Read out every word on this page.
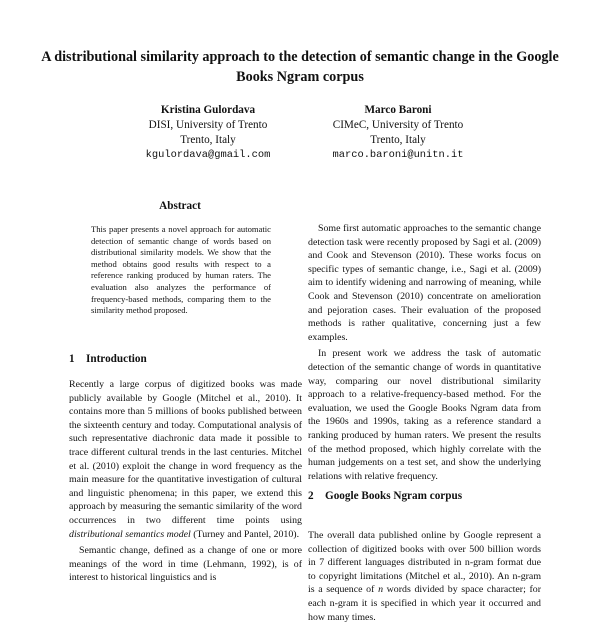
A distributional similarity approach to the detection of semantic change in the Google Books Ngram corpus
Kristina Gulordava
DISI, University of Trento
Trento, Italy
kgulordava@gmail.com
Marco Baroni
CIMeC, University of Trento
Trento, Italy
marco.baroni@unitn.it
Abstract
This paper presents a novel approach for automatic detection of semantic change of words based on distributional similarity models. We show that the method obtains good results with respect to a reference ranking produced by human raters. The evaluation also analyzes the performance of frequency-based methods, comparing them to the similarity method proposed.
1 Introduction

Recently a large corpus of digitized books was made publicly available by Google (Mitchel et al., 2010). It contains more than 5 millions of books published between the sixteenth century and today. Computational analysis of such representative diachronic data made it possible to trace different cultural trends in the last centuries. Mitchel et al. (2010) exploit the change in word frequency as the main measure for the quantitative investigation of cultural and linguistic phenomena; in this paper, we extend this approach by measuring the semantic similarity of the word occurrences in two different time points using distributional semantics model (Turney and Pantel, 2010).

Semantic change, defined as a change of one or more meanings of the word in time (Lehmann, 1992), is of interest to historical linguistics and is

Some first automatic approaches to the semantic change detection task were recently proposed by Sagi et al. (2009) and Cook and Stevenson (2010). These works focus on specific types of semantic change, i.e., Sagi et al. (2009) aim to identify widening and narrowing of meaning, while Cook and Stevenson (2010) concentrate on amelioration and pejoration cases. Their evaluation of the proposed methods is rather qualitative, concerning just a few examples.

In present work we address the task of automatic detection of the semantic change of words in quantitative way, comparing our novel distributional similarity approach to a relative-frequency-based method. For the evaluation, we used the Google Books Ngram data from the 1960s and 1990s, taking as a reference standard a ranking produced by human raters. We present the results of the method proposed, which highly correlate with the human judgements on a test set, and show the underlying relations with relative frequency.

2 Google Books Ngram corpus

The overall data published online by Google represent a collection of digitized books with over 500 billion words in 7 different languages distributed in n-gram format due to copyright limitations (Mitchel et al., 2010). An n-gram is a sequence of n words divided by space character; for each n-gram it is specified in which year it occurred and how many times.
